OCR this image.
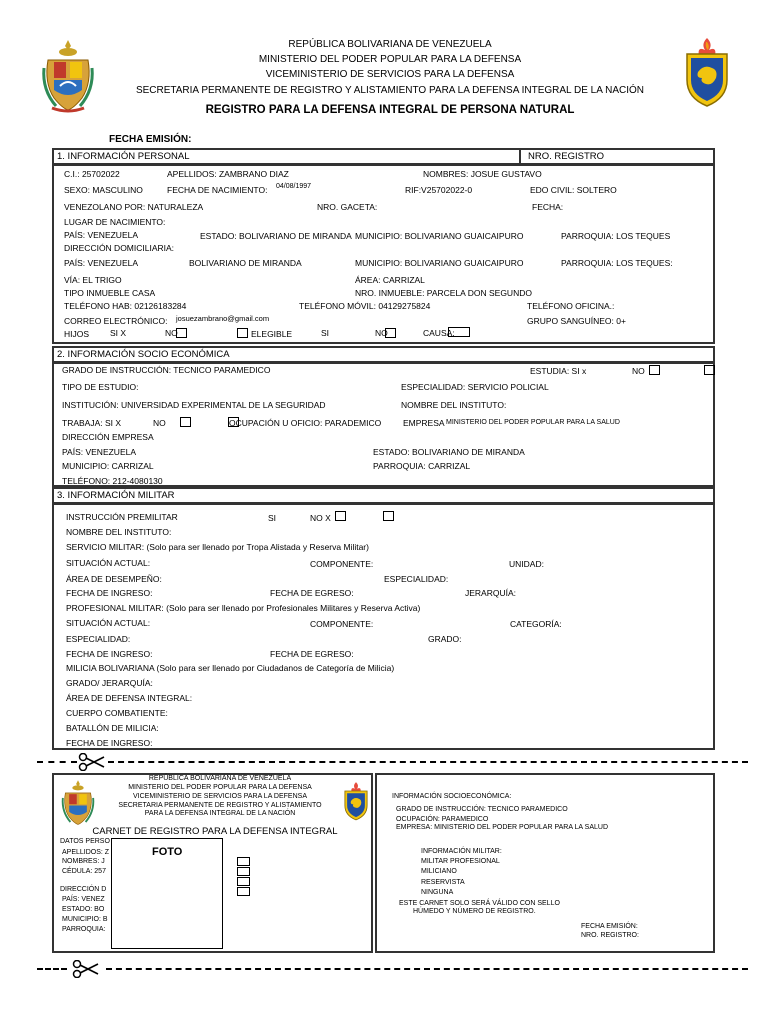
REPÚBLICA BOLIVARIANA DE VENEZUELA
MINISTERIO DEL PODER POPULAR PARA LA DEFENSA
VICEMINISTERIO DE SERVICIOS PARA LA DEFENSA
SECRETARIA PERMANENTE DE REGISTRO Y ALISTAMIENTO PARA LA DEFENSA INTEGRAL DE LA NACIÓN
REGISTRO PARA LA DEFENSA INTEGRAL DE PERSONA NATURAL
FECHA EMISIÓN:
1. INFORMACIÓN PERSONAL	NRO. REGISTRO
C.I.: 25702022	APELLIDOS: ZAMBRANO DIAZ	NOMBRES: JOSUE GUSTAVO
SEXO: MASCULINO	FECHA DE NACIMIENTO: 04/08/1997	RIF:V25702022-0	EDO CIVIL: SOLTERO
VENEZOLANO POR: NATURALEZA	NRO. GACETA:	FECHA:
LUGAR DE NACIMIENTO:
PAÍS: VENEZUELA	ESTADO: BOLIVARIANO DE MIRANDA MUNICIPIO: BOLIVARIANO GUAICAIPURO	PARROQUIA: LOS TEQUES
DIRECCIÓN DOMICILIARIA:
PAÍS: VENEZUELA	BOLIVARIANO DE MIRANDA	MUNICIPIO: BOLIVARIANO GUAICAIPURO	PARROQUIA: LOS TEQUES:
VÍA: EL TRIGO	ÁREA: CARRIZAL
TIPO INMUEBLE CASA	NRO. INMUEBLE: PARCELA DON SEGUNDO
TELÉFONO HAB: 02126183284	TELÉFONO MÓVIL: 04129275824	TELÉFONO OFICINA.:
CORREO ELECTRÓNICO: josuezambrano@gmail.com	GRUPO SANGUÍNEO: 0+
HIJOS SI X	NO	ELEGIBLE	SI	NO	CAUSA:
2. INFORMACIÓN SOCIO ECONÓMICA
GRADO DE INSTRUCCIÓN: TECNICO PARAMEDICO	ESTUDIA: SI x	NO
TIPO DE ESTUDIO:	ESPECIALIDAD: SERVICIO POLICIAL
INSTITUCIÓN: UNIVERSIDAD EXPERIMENTAL DE LA SEGURIDAD	NOMBRE DEL INSTITUTO:
TRABAJA: SI X	NO	OCUPACIÓN U OFICIO: PARADEMICO	EMPRESA MINISTERIO DEL PODER POPULAR PARA LA SALUD
DIRECCIÓN EMPRESA
PAÍS: VENEZUELA	ESTADO: BOLIVARIANO DE MIRANDA
MUNICIPIO: CARRIZAL	PARROQUIA: CARRIZAL
TELÉFONO: 212-4080130
3. INFORMACIÓN MILITAR
INSTRUCCIÓN PREMILITAR	SI	NO X
NOMBRE DEL INSTITUTO:
SERVICIO MILITAR: (Solo para ser llenado por Tropa Alistada y Reserva Militar)
SITUACIÓN ACTUAL:	COMPONENTE:	UNIDAD:
ÁREA DE DESEMPEÑO:	ESPECIALIDAD:
FECHA DE INGRESO:	FECHA DE EGRESO:	JERARQUÍA:
PROFESIONAL MILITAR: (Solo para ser llenado por Profesionales Militares y Reserva Activa)
SITUACIÓN ACTUAL:	COMPONENTE:	CATEGORÍA:
ESPECIALIDAD:	GRADO:
FECHA DE INGRESO:	FECHA DE EGRESO:
MILICIA BOLIVARIANA (Solo para ser llenado por Ciudadanos de Categoría de Milicia)
GRADO/ JERARQUÍA:
ÁREA DE DEFENSA INTEGRAL:
CUERPO COMBATIENTE:
BATALLÓN DE MILICIA:
FECHA DE INGRESO:
REPÚBLICA BOLIVARIANA DE VENEZUELA
MINISTERIO DEL PODER POPULAR PARA LA DEFENSA
VICEMINISTERIO DE SERVICIOS PARA LA DEFENSA
SECRETARIA PERMANENTE DE REGISTRO Y ALISTAMIENTO
PARA LA DEFENSA INTEGRAL DE LA NACIÓN
CARNET DE REGISTRO PARA LA DEFENSA INTEGRAL
DATOS PERSO
APELLIDOS: Z
NOMBRES: J
CÉDULA: 257
DIRECCIÓN D
PAÍS: VENEZ
ESTADO: BO
MUNICIPIO: B
PARROQUIA:
FOTO
INFORMACIÓN SOCIOECONÓMICA:
GRADO DE INSTRUCCIÓN: TECNICO PARAMEDICO
OCUPACIÓN: PARAMEDICO
EMPRESA: MINISTERIO DEL PODER POPULAR PARA LA SALUD
INFORMACIÓN MILITAR:
MILITAR PROFESIONAL
MILICIANO
RESERVISTA
NINGUNA
ESTE CARNET SOLO SERÁ VÁLIDO CON SELLO
HÚMEDO Y NÚMERO DE REGISTRO.
FECHA EMISIÓN:
NRO. REGISTRO:
